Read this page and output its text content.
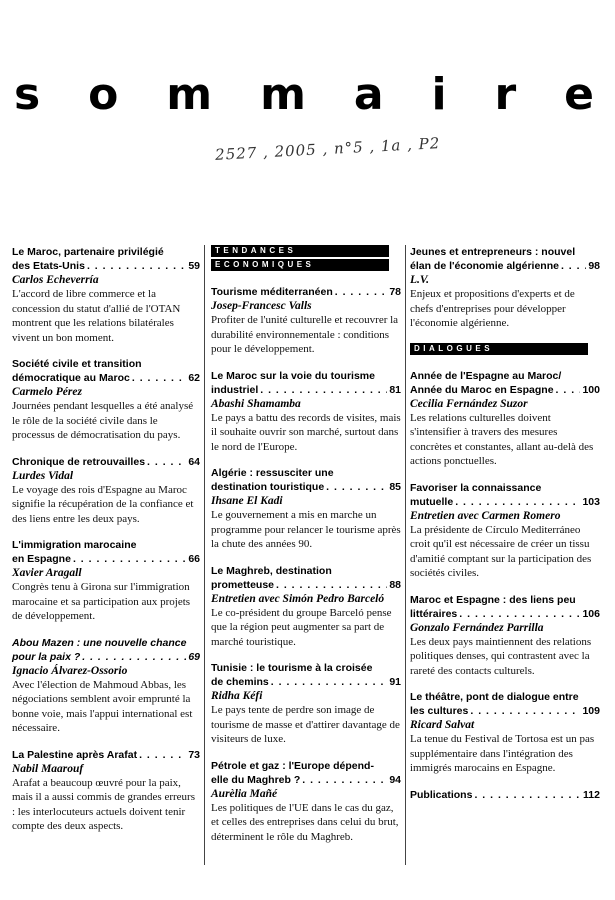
s o m m a i r e
2527 , 2005 , n°5 , 1a , P2
Le Maroc, partenaire privilégié
des Etats-Unis . . .	59
Carlos Echeverría
L'accord de libre commerce et la concession du statut d'allié de l'OTAN montrent que les relations bilatérales vivent un bon moment.
Société civile et transition
démocratique au Maroc . . .	62
Carmelo Pérez
Journées pendant lesquelles a été analysé le rôle de la société civile dans le processus de démocratisation du pays.
Chronique de retrouvailles . . .	64
Lurdes Vidal
Le voyage des rois d'Espagne au Maroc signifie la récupération de la confiance et des liens entre les deux pays.
L'immigration marocaine
en Espagne . . .	66
Xavier Aragall
Congrès tenu à Girona sur l'immigration marocaine et sa participation aux projets de développement.
Abou Mazen : une nouvelle chance
pour la paix ? . . .	69
Ignacio Álvarez-Ossorio
Avec l'élection de Mahmoud Abbas, les négociations semblent avoir emprunté la bonne voie, mais l'appui international est nécessaire.
La Palestine après Arafat . . .	73
Nabil Maarouf
Arafat a beaucoup œuvré pour la paix, mais il a aussi commis de grandes erreurs : les interlocuteurs actuels doivent tenir compte des deux aspects.
TENDANCES
ECONOMIQUES
Tourisme méditerranéen . . .	78
Josep-Francesc Valls
Profiter de l'unité culturelle et recouvrer la durabilité environnementale : conditions pour le développement.
Le Maroc sur la voie du tourisme
industriel . . .	81
Abashi Shamamba
Le pays a battu des records de visites, mais il souhaite ouvrir son marché, surtout dans le nord de l'Europe.
Algérie : ressusciter une
destination touristique . . .	85
Ihsane El Kadi
Le gouvernement a mis en marche un programme pour relancer le tourisme après la chute des années 90.
Le Maghreb, destination
prometteuse . . .	88
Entretien avec Simón Pedro Barceló
Le co-président du groupe Barceló pense que la région peut augmenter sa part de marché touristique.
Tunisie : le tourisme à la croisée
de chemins . . .	91
Ridha Kéfi
Le pays tente de perdre son image de tourisme de masse et d'attirer davantage de visiteurs de luxe.
Pétrole et gaz : l'Europe dépend-
elle du Maghreb ? . . .	94
Aurèlia Mañé
Les politiques de l'UE dans le cas du gaz, et celles des entreprises dans celui du brut, déterminent le rôle du Maghreb.
Jeunes et entrepreneurs : nouvel
élan de l'économie algérienne . . .	98
L.V.
Enjeux et propositions d'experts et de chefs d'entreprises pour développer l'économie algérienne.
DIALOGUES
Année de l'Espagne au Maroc/
Année du Maroc en Espagne . . .	100
Cecilia Fernández Suzor
Les relations culturelles doivent s'intensifier à travers des mesures concrètes et constantes, allant au-delà des actions ponctuelles.
Favoriser la connaissance
mutuelle . . .	103
Entretien avec Carmen Romero
La présidente de Círculo Mediterráneo croit qu'il est nécessaire de créer un tissu d'amitié comptant sur la participation des sociétés civiles.
Maroc et Espagne : des liens peu
littéraires . . .	106
Gonzalo Fernández Parrilla
Les deux pays maintiennent des relations politiques denses, qui contrastent avec la rareté des contacts culturels.
Le théâtre, pont de dialogue entre
les cultures . . .	109
Ricard Salvat
La tenue du Festival de Tortosa est un pas supplémentaire dans l'intégration des immigrés marocains en Espagne.
Publications . . .	112
